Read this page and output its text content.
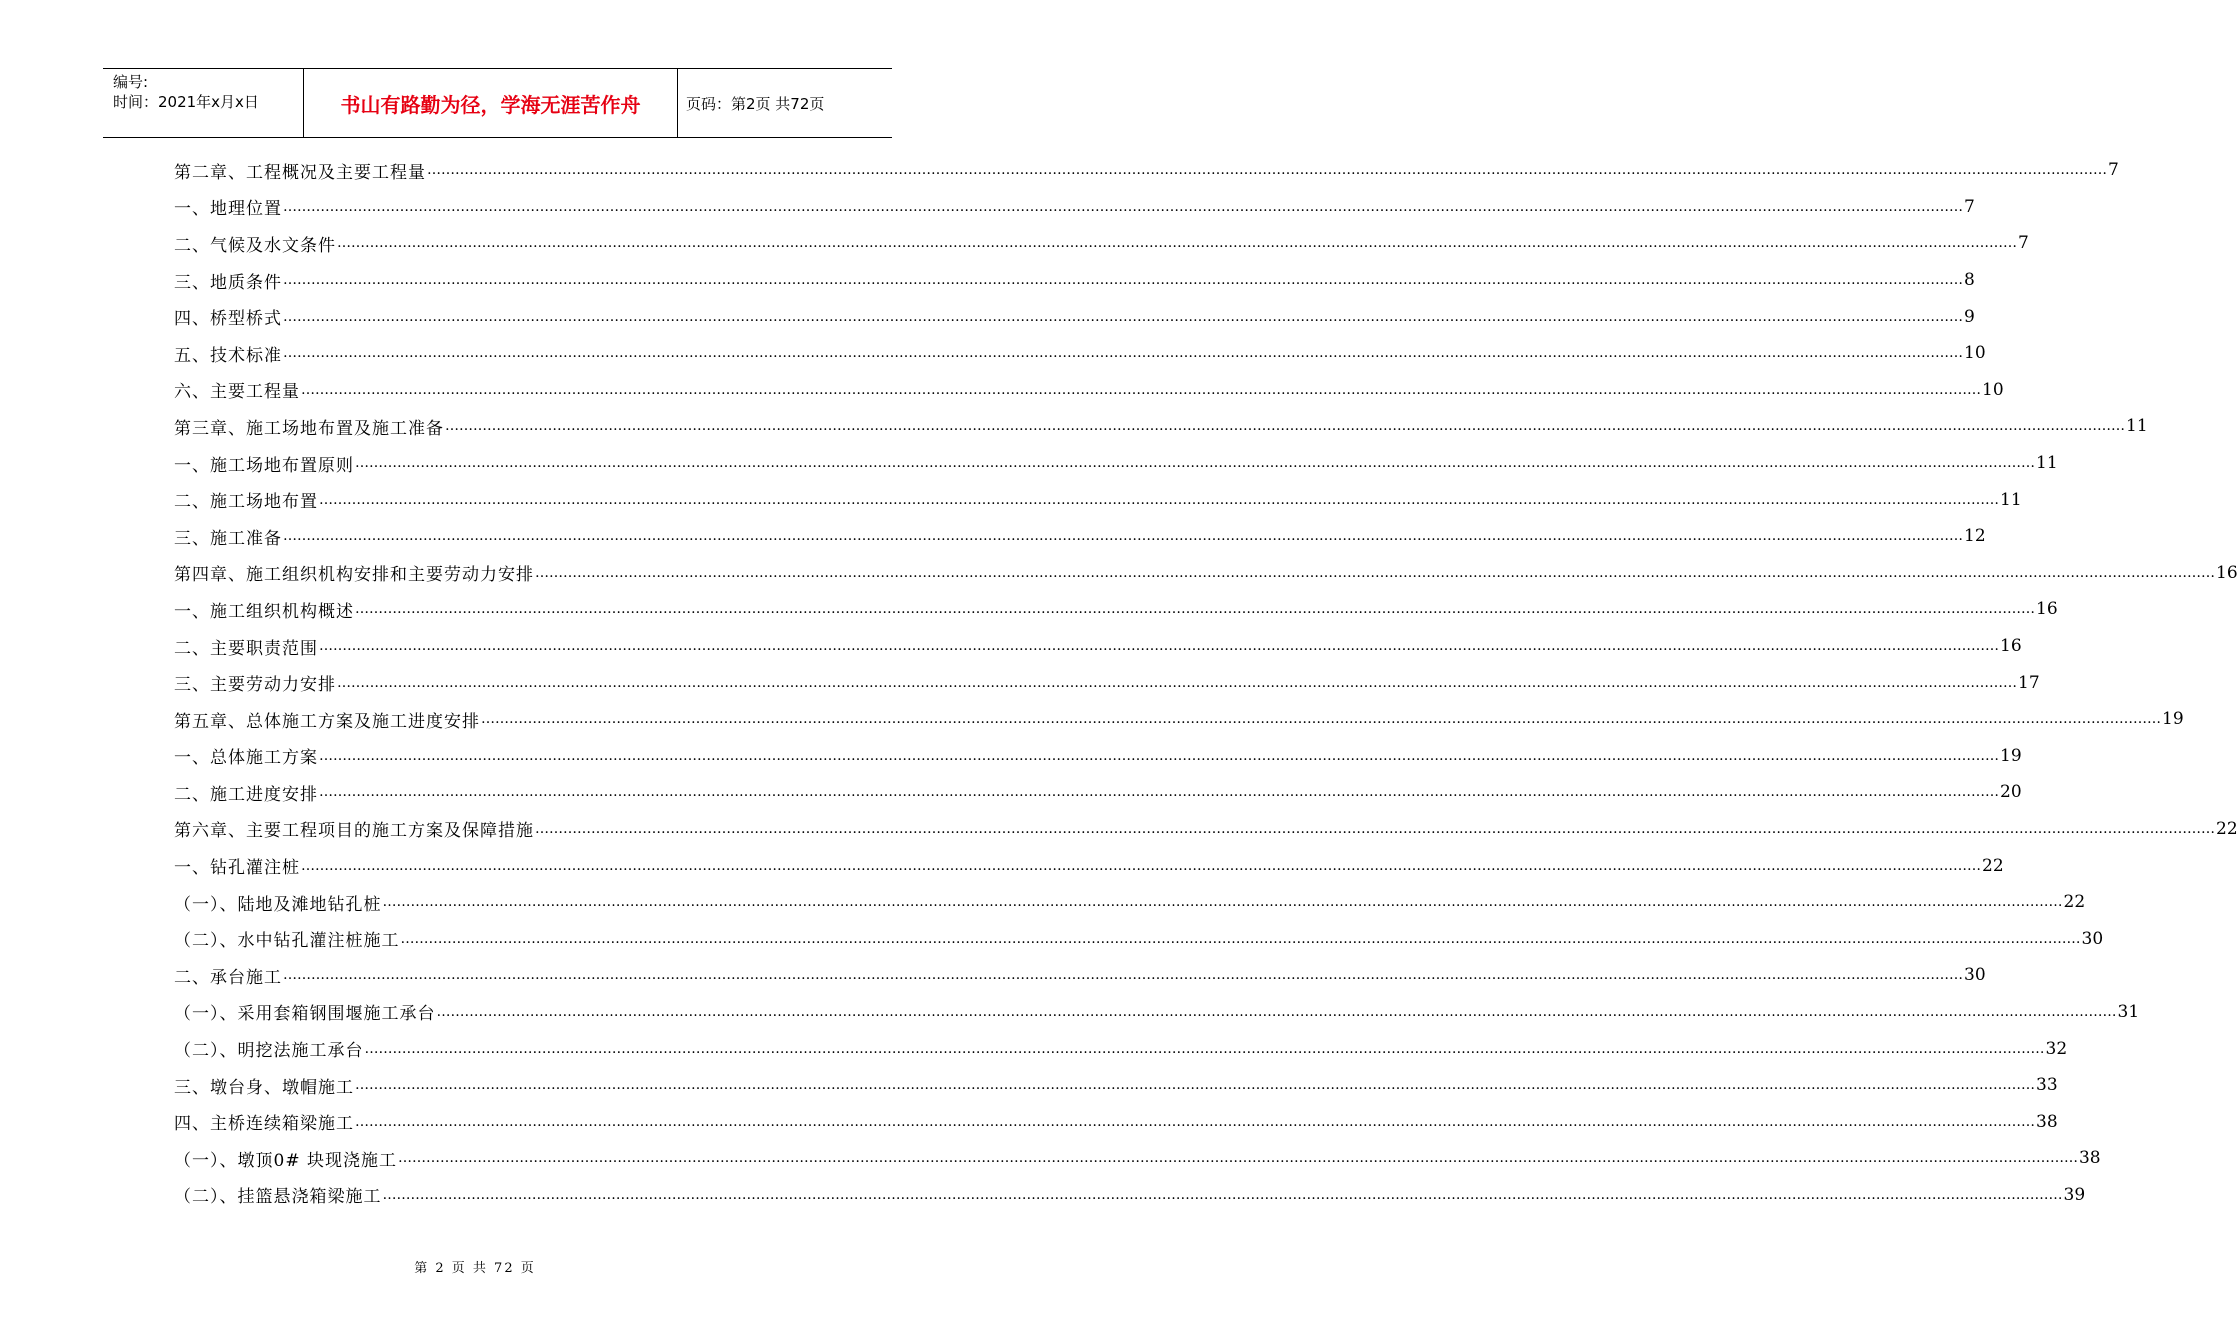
编号:
时间：2021年x月x日	书山有路勤为径，学海无涯苦作舟	页码：第2页 共72页
第二章、工程概况及主要工程量 ……………………………………………………………………………………………………………………………………………………………………………………………………………………………………………………………………………………………………………………………… 7
一、地理位置 ……………………………………………………………………………………………………………………………………………………………………………………………………………………………………………………………………………………………………………………………… 7
二、气候及水文条件 ……………………………………………………………………………………………………………………………………………………………………………………………………………………………………………………………………………………………………………………………… 7
三、地质条件 ……………………………………………………………………………………………………………………………………………………………………………………………………………………………………………………………………………………………………………………………… 8
四、桥型桥式 ……………………………………………………………………………………………………………………………………………………………………………………………………………………………………………………………………………………………………………………………… 9
五、技术标准 ……………………………………………………………………………………………………………………………………………………………………………………………………………………………………………………………………………………………………………………………… 10
六、主要工程量 ……………………………………………………………………………………………………………………………………………………………………………………………………………………………………………………………………………………………………………………………… 10
第三章、施工场地布置及施工准备 ……………………………………………………………………………………………………………………………………………………………………………………………………………………………………………………………………………………………………………………………… 11
一、施工场地布置原则 ……………………………………………………………………………………………………………………………………………………………………………………………………………………………………………………………………………………………………………………………… 11
二、施工场地布置 ……………………………………………………………………………………………………………………………………………………………………………………………………………………………………………………………………………………………………………………………… 11
三、施工准备 ……………………………………………………………………………………………………………………………………………………………………………………………………………………………………………………………………………………………………………………………… 12
第四章、施工组织机构安排和主要劳动力安排 ……………………………………………………………………………………………………………………………………………………………………………………………………………………………………………………………………………………………………………………………… 16
一、施工组织机构概述 ……………………………………………………………………………………………………………………………………………………………………………………………………………………………………………………………………………………………………………………………… 16
二、主要职责范围 ……………………………………………………………………………………………………………………………………………………………………………………………………………………………………………………………………………………………………………………………… 16
三、主要劳动力安排 ……………………………………………………………………………………………………………………………………………………………………………………………………………………………………………………………………………………………………………………………… 17
第五章、总体施工方案及施工进度安排 ……………………………………………………………………………………………………………………………………………………………………………………………………………………………………………………………………………………………………………………………… 19
一、总体施工方案 ……………………………………………………………………………………………………………………………………………………………………………………………………………………………………………………………………………………………………………………………… 19
二、施工进度安排 ……………………………………………………………………………………………………………………………………………………………………………………………………………………………………………………………………………………………………………………………… 20
第六章、主要工程项目的施工方案及保障措施 ……………………………………………………………………………………………………………………………………………………………………………………………………………………………………………………………………………………………………………………………… 22
一、钻孔灌注桩 ……………………………………………………………………………………………………………………………………………………………………………………………………………………………………………………………………………………………………………………………… 22
（一）、陆地及滩地钻孔桩 ……………………………………………………………………………………………………………………………………………………………………………………………………………………………………………………………………………………………………………………………… 22
（二）、水中钻孔灌注桩施工 ……………………………………………………………………………………………………………………………………………………………………………………………………………………………………………………………………………………………………………………………… 30
二、承台施工 ……………………………………………………………………………………………………………………………………………………………………………………………………………………………………………………………………………………………………………………………… 30
（一）、采用套箱钢围堰施工承台 ……………………………………………………………………………………………………………………………………………………………………………………………………………………………………………………………………………………………………………………………… 31
（二）、明挖法施工承台 ……………………………………………………………………………………………………………………………………………………………………………………………………………………………………………………………………………………………………………………………… 32
三、墩台身、墩帽施工 ……………………………………………………………………………………………………………………………………………………………………………………………………………………………………………………………………………………………………………………………… 33
四、主桥连续箱梁施工 ……………………………………………………………………………………………………………………………………………………………………………………………………………………………………………………………………………………………………………………………… 38
（一）、墩顶0# 块现浇施工 ……………………………………………………………………………………………………………………………………………………………………………………………………………………………………………………………………………………………………………………………… 38
（二）、挂篮悬浇箱梁施工 ……………………………………………………………………………………………………………………………………………………………………………………………………………………………………………………………………………………………………………………………… 39
第 2 页 共 72 页
